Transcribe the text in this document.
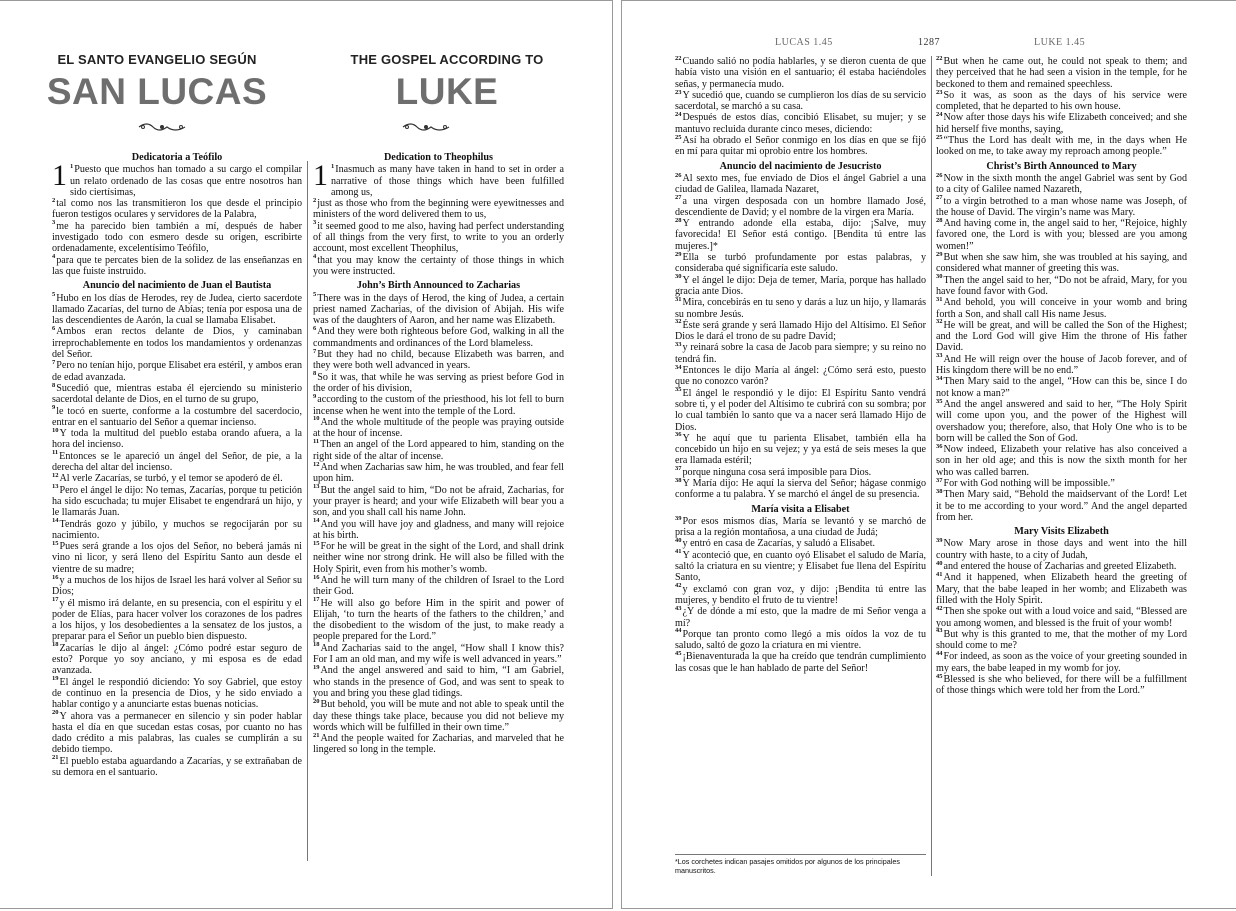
EL SANTO EVANGELIO SEGÚN
SAN LUCAS
THE GOSPEL ACCORDING TO
LUKE
Dedicatoria a Teófilo

1 $^1$Puesto que muchos han tomado a su cargo el compilar un relato ordenado de las cosas que entre nosotros han sido ciertísimas,

$^2$tal como nos las transmitieron los que desde el principio fueron testigos oculares y servidores de la Palabra,

$^3$me ha parecido bien también a mí, después de haber investigado todo con esmero desde su origen, escribirte ordenadamente, excelentísimo Teófilo,

$^4$para que te percates bien de la solidez de las enseñanzas en las que fuiste instruido.

Anuncio del nacimiento de Juan el Bautista

$^5$Hubo en los días de Herodes, rey de Judea, cierto sacerdote llamado Zacarías, del turno de Abías; tenía por esposa una de las descendientes de Aarón, la cual se llamaba Elisabet.

$^6$Ambos eran rectos delante de Dios, y caminaban irreprochablemente en todos los mandamientos y ordenanzas del Señor.

$^7$Pero no tenían hijo, porque Elisabet era estéril, y ambos eran de edad avanzada.

$^8$Sucedió que, mientras estaba él ejerciendo su ministerio sacerdotal delante de Dios, en el turno de su grupo,

$^9$le tocó en suerte, conforme a la costumbre del sacerdocio, entrar en el santuario del Señor a quemar incienso.

$^{10}$Y toda la multitud del pueblo estaba orando afuera, a la hora del incienso.

$^{11}$Entonces se le apareció un ángel del Señor, de pie, a la derecha del altar del incienso.

$^{12}$Al verle Zacarías, se turbó, y el temor se apoderó de él.

$^{13}$Pero el ángel le dijo: No temas, Zacarías, porque tu petición ha sido escuchada; tu mujer Elisabet te engendrará un hijo, y le llamarás Juan.

$^{14}$Tendrás gozo y júbilo, y muchos se regocijarán por su nacimiento.

$^{15}$Pues será grande a los ojos del Señor, no beberá jamás ni vino ni licor, y será lleno del Espíritu Santo aun desde el vientre de su madre;

$^{16}$y a muchos de los hijos de Israel les hará volver al Señor su Dios;

$^{17}$y él mismo irá delante, en su presencia, con el espíritu y el poder de Elías, para hacer volver los corazones de los padres a los hijos, y los desobedientes a la sensatez de los justos, a preparar para el Señor un pueblo bien dispuesto.

$^{18}$Zacarías le dijo al ángel: ¿Cómo podré estar seguro de esto? Porque yo soy anciano, y mi esposa es de edad avanzada.

$^{19}$El ángel le respondió diciendo: Yo soy Gabriel, que estoy de continuo en la presencia de Dios, y he sido enviado a hablar contigo y a anunciarte estas buenas noticias.

$^{20}$Y ahora vas a permanecer en silencio y sin poder hablar hasta el día en que sucedan estas cosas, por cuanto no has dado crédito a mis palabras, las cuales se cumplirán a su debido tiempo.

$^{21}$El pueblo estaba aguardando a Zacarías, y se extrañaban de su demora en el santuario.

Dedication to Theophilus

1 $^1$Inasmuch as many have taken in hand to set in order a narrative of those things which have been fulfilled among us,

$^2$just as those who from the beginning were eyewitnesses and ministers of the word delivered them to us,

$^3$it seemed good to me also, having had perfect understanding of all things from the very first, to write to you an orderly account, most excellent Theophilus,

$^4$that you may know the certainty of those things in which you were instructed.

John’s Birth Announced to Zacharias

$^5$There was in the days of Herod, the king of Judea, a certain priest named Zacharias, of the division of Abijah. His wife was of the daughters of Aaron, and her name was Elizabeth.

$^6$And they were both righteous before God, walking in all the commandments and ordinances of the Lord blameless.

$^7$But they had no child, because Elizabeth was barren, and they were both well advanced in years.

$^8$So it was, that while he was serving as priest before God in the order of his division,

$^9$according to the custom of the priesthood, his lot fell to burn incense when he went into the temple of the Lord.

$^{10}$And the whole multitude of the people was praying outside at the hour of incense.

$^{11}$Then an angel of the Lord appeared to him, standing on the right side of the altar of incense.

$^{12}$And when Zacharias saw him, he was troubled, and fear fell upon him.

$^{13}$But the angel said to him, “Do not be afraid, Zacharias, for your prayer is heard; and your wife Elizabeth will bear you a son, and you shall call his name John.

$^{14}$And you will have joy and gladness, and many will rejoice at his birth.

$^{15}$For he will be great in the sight of the Lord, and shall drink neither wine nor strong drink. He will also be filled with the Holy Spirit, even from his mother’s womb.

$^{16}$And he will turn many of the children of Israel to the Lord their God.

$^{17}$He will also go before Him in the spirit and power of Elijah, ‘to turn the hearts of the fathers to the children,’ and the disobedient to the wisdom of the just, to make ready a people prepared for the Lord.”

$^{18}$And Zacharias said to the angel, “How shall I know this? For I am an old man, and my wife is well advanced in years.”

$^{19}$And the angel answered and said to him, “I am Gabriel, who stands in the presence of God, and was sent to speak to you and bring you these glad tidings.

$^{20}$But behold, you will be mute and not able to speak until the day these things take place, because you did not believe my words which will be fulfilled in their own time.”

$^{21}$And the people waited for Zacharias, and marveled that he lingered so long in the temple.

LUCAS 1.45	1287	LUKE 1.45

$^{22}$Cuando salió no podía hablarles, y se dieron cuenta de que había visto una visión en el santuario; él estaba haciéndoles señas, y permanecía mudo.

$^{23}$Y sucedió que, cuando se cumplieron los días de su servicio sacerdotal, se marchó a su casa.

$^{24}$Después de estos días, concibió Elisabet, su mujer; y se mantuvo recluida durante cinco meses, diciendo:

$^{25}$Así ha obrado el Señor conmigo en los días en que se fijó en mí para quitar mi oprobio entre los hombres.

Anuncio del nacimiento de Jesucristo

$^{26}$Al sexto mes, fue enviado de Dios el ángel Gabriel a una ciudad de Galilea, llamada Nazaret,

$^{27}$a una virgen desposada con un hombre llamado José, descendiente de David; y el nombre de la virgen era María.

$^{28}$Y entrando adonde ella estaba, dijo: ¡Salve, muy favorecida! El Señor está contigo. [Bendita tú entre las mujeres.]*

$^{29}$Ella se turbó profundamente por estas palabras, y consideraba qué significaría este saludo.

$^{30}$Y el ángel le dijo: Deja de temer, María, porque has hallado gracia ante Dios.

$^{31}$Mira, concebirás en tu seno y darás a luz un hijo, y llamarás su nombre Jesús.

$^{32}$Éste será grande y será llamado Hijo del Altísimo. El Señor Dios le dará el trono de su padre David;

$^{33}$y reinará sobre la casa de Jacob para siempre; y su reino no tendrá fin.

$^{34}$Entonces le dijo María al ángel: ¿Cómo será esto, puesto que no conozco varón?

$^{35}$El ángel le respondió y le dijo: El Espíritu Santo vendrá sobre ti, y el poder del Altísimo te cubrirá con su sombra; por lo cual también lo santo que va a nacer será llamado Hijo de Dios.

$^{36}$Y he aquí que tu parienta Elisabet, también ella ha concebido un hijo en su vejez; y ya está de seis meses la que era llamada estéril;

$^{37}$porque ninguna cosa será imposible para Dios.

$^{38}$Y María dijo: He aquí la sierva del Señor; hágase conmigo conforme a tu palabra. Y se marchó el ángel de su presencia.

María visita a Elisabet

$^{39}$Por esos mismos días, María se levantó y se marchó de prisa a la región montañosa, a una ciudad de Judá;

$^{40}$y entró en casa de Zacarías, y saludó a Elisabet.

$^{41}$Y aconteció que, en cuanto oyó Elisabet el saludo de María, saltó la criatura en su vientre; y Elisabet fue llena del Espíritu Santo,

$^{42}$y exclamó con gran voz, y dijo: ¡Bendita tú entre las mujeres, y bendito el fruto de tu vientre!

$^{43}$¿Y de dónde a mí esto, que la madre de mi Señor venga a mí?

$^{44}$Porque tan pronto como llegó a mis oídos la voz de tu saludo, saltó de gozo la criatura en mi vientre.

$^{45}$¡Bienaventurada la que ha creído que tendrán cumplimiento las cosas que le han hablado de parte del Señor!

$^{22}$But when he came out, he could not speak to them; and they perceived that he had seen a vision in the temple, for he beckoned to them and remained speechless.

$^{23}$So it was, as soon as the days of his service were completed, that he departed to his own house.

$^{24}$Now after those days his wife Elizabeth conceived; and she hid herself five months, saying,

$^{25}$“Thus the Lord has dealt with me, in the days when He looked on me, to take away my reproach among people.”

Christ’s Birth Announced to Mary

$^{26}$Now in the sixth month the angel Gabriel was sent by God to a city of Galilee named Nazareth,

$^{27}$to a virgin betrothed to a man whose name was Joseph, of the house of David. The virgin’s name was Mary.

$^{28}$And having come in, the angel said to her, “Rejoice, highly favored one, the Lord is with you; blessed are you among women!”

$^{29}$But when she saw him, she was troubled at his saying, and considered what manner of greeting this was.

$^{30}$Then the angel said to her, “Do not be afraid, Mary, for you have found favor with God.

$^{31}$And behold, you will conceive in your womb and bring forth a Son, and shall call His name Jesus.

$^{32}$He will be great, and will be called the Son of the Highest; and the Lord God will give Him the throne of His father David.

$^{33}$And He will reign over the house of Jacob forever, and of His kingdom there will be no end.”

$^{34}$Then Mary said to the angel, “How can this be, since I do not know a man?”

$^{35}$And the angel answered and said to her, “The Holy Spirit will come upon you, and the power of the Highest will overshadow you; therefore, also, that Holy One who is to be born will be called the Son of God.

$^{36}$Now indeed, Elizabeth your relative has also conceived a son in her old age; and this is now the sixth month for her who was called barren.

$^{37}$For with God nothing will be impossible.”

$^{38}$Then Mary said, “Behold the maidservant of the Lord! Let it be to me according to your word.” And the angel departed from her.

Mary Visits Elizabeth

$^{39}$Now Mary arose in those days and went into the hill country with haste, to a city of Judah,

$^{40}$and entered the house of Zacharias and greeted Elizabeth.

$^{41}$And it happened, when Elizabeth heard the greeting of Mary, that the babe leaped in her womb; and Elizabeth was filled with the Holy Spirit.

$^{42}$Then she spoke out with a loud voice and said, “Blessed are you among women, and blessed is the fruit of your womb!

$^{43}$But why is this granted to me, that the mother of my Lord should come to me?

$^{44}$For indeed, as soon as the voice of your greeting sounded in my ears, the babe leaped in my womb for joy.

$^{45}$Blessed is she who believed, for there will be a fulfillment of those things which were told her from the Lord.”

*Los corchetes indican pasajes omitidos por algunos de los principales manuscritos.
